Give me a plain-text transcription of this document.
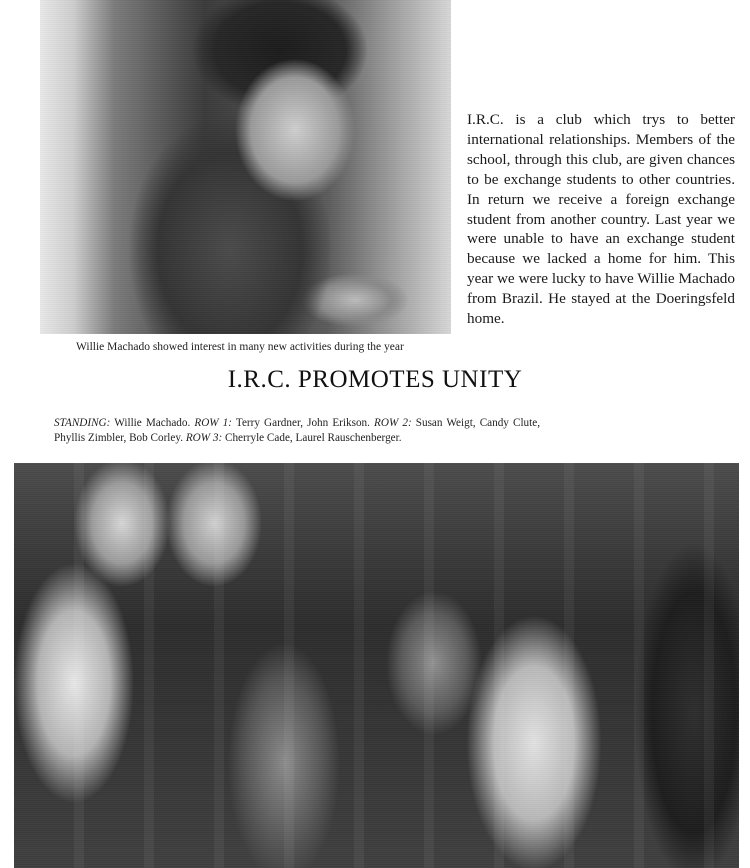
Willie Machado showed interest in many new activities during the year

I.R.C. is a club which trys to better international relationships. Members of the school, through this club, are given chances to be exchange students to other countries. In return we receive a foreign exchange student from another country. Last year we were unable to have an exchange student because we lacked a home for him. This year we were lucky to have Willie Machado from Brazil. He stayed at the Doeringsfeld home.

I.R.C. PROMOTES UNITY
STANDING: Willie Machado. ROW 1: Terry Gardner, John Erikson. ROW 2: Susan Weigt, Candy Clute, Phyllis Zimbler, Bob Corley. ROW 3: Cherryle Cade, Laurel Rauschenberger.
